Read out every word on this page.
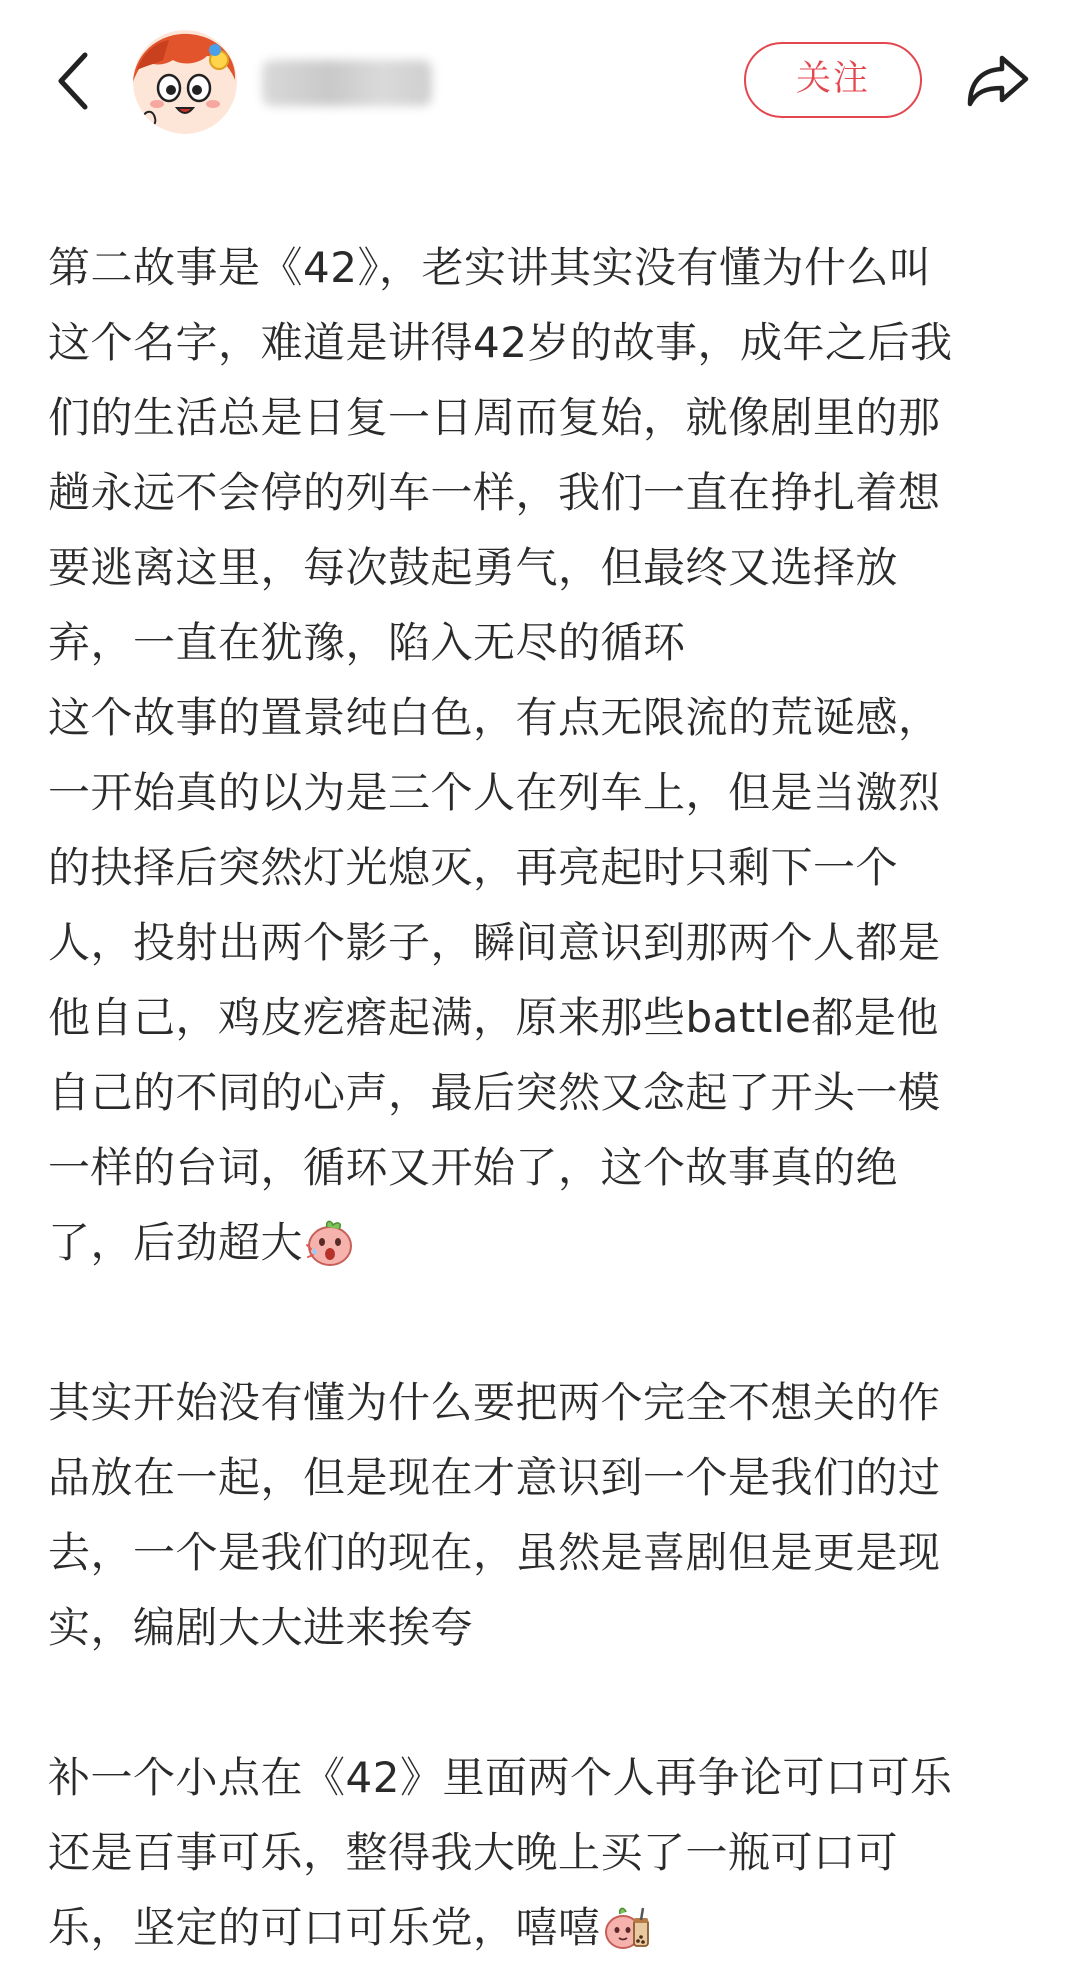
关注
第二故事是《42》，老实讲其实没有懂为什么叫
这个名字，难道是讲得42岁的故事，成年之后我
们的生活总是日复一日周而复始，就像剧里的那
趟永远不会停的列车一样，我们一直在挣扎着想
要逃离这里，每次鼓起勇气，但最终又选择放
弃，一直在犹豫，陷入无尽的循环
这个故事的置景纯白色，有点无限流的荒诞感，
一开始真的以为是三个人在列车上，但是当激烈
的抉择后突然灯光熄灭，再亮起时只剩下一个
人，投射出两个影子，瞬间意识到那两个人都是
他自己，鸡皮疙瘩起满，原来那些battle都是他
自己的不同的心声，最后突然又念起了开头一模
一样的台词，循环又开始了，这个故事真的绝
了，后劲超大
其实开始没有懂为什么要把两个完全不想关的作
品放在一起，但是现在才意识到一个是我们的过
去，一个是我们的现在，虽然是喜剧但是更是现
实，编剧大大进来挨夸
补一个小点在《42》里面两个人再争论可口可乐
还是百事可乐，整得我大晚上买了一瓶可口可
乐，坚定的可口可乐党，嘻嘻
